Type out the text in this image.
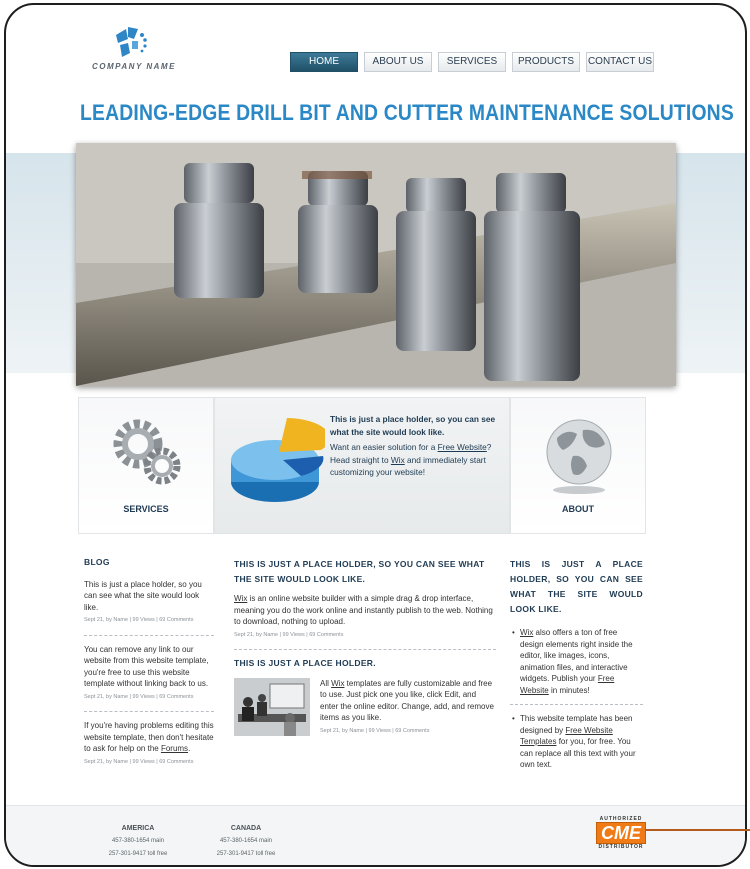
COMPANY NAME	HOME	ABOUT US	SERVICES	PRODUCTS	CONTACT US
LEADING-EDGE DRILL BIT AND CUTTER MAINTENANCE SOLUTIONS
SERVICES
This is just a place holder, so you can see what the site would look like.
Want an easier solution for a Free Website? Head straight to Wix and immediately start customizing your website!
ABOUT
BLOG
This is just a place holder, so you can see what the site would look like.
Sept 21, by Name | 99 Views | 69 Comments
You can remove any link to our website from this website template, you're free to use this website template without linking back to us.
Sept 21, by Name | 99 Views | 69 Comments
If you're having problems editing this website template, then don't hesitate to ask for help on the Forums.
Sept 21, by Name | 99 Views | 69 Comments
THIS IS JUST A PLACE HOLDER, SO YOU CAN SEE WHAT THE SITE WOULD LOOK LIKE.
Wix is an online website builder with a simple drag & drop interface, meaning you do the work online and instantly publish to the web. Nothing to download, nothing to upload.
Sept 21, by Name | 99 Views | 69 Comments
THIS IS JUST A PLACE HOLDER.
All Wix templates are fully customizable and free to use. Just pick one you like, click Edit, and enter the online editor. Change, add, and remove items as you like.
Sept 21, by Name | 99 Views | 69 Comments
THIS IS JUST A PLACE HOLDER, SO YOU CAN SEE WHAT THE SITE WOULD LOOK LIKE.
• Wix also offers a ton of free design elements right inside the editor, like images, icons, animation files, and interactive widgets. Publish your Free Website in minutes!
• This website template has been designed by Free Website Templates for you, for free. You can replace all this text with your own text.
AMERICA
457-380-1654 main
257-301-9417 toll free
CANADA
457-380-1654 main
257-301-9417 toll free
AUTHORIZED
CME
DISTRIBUTOR
